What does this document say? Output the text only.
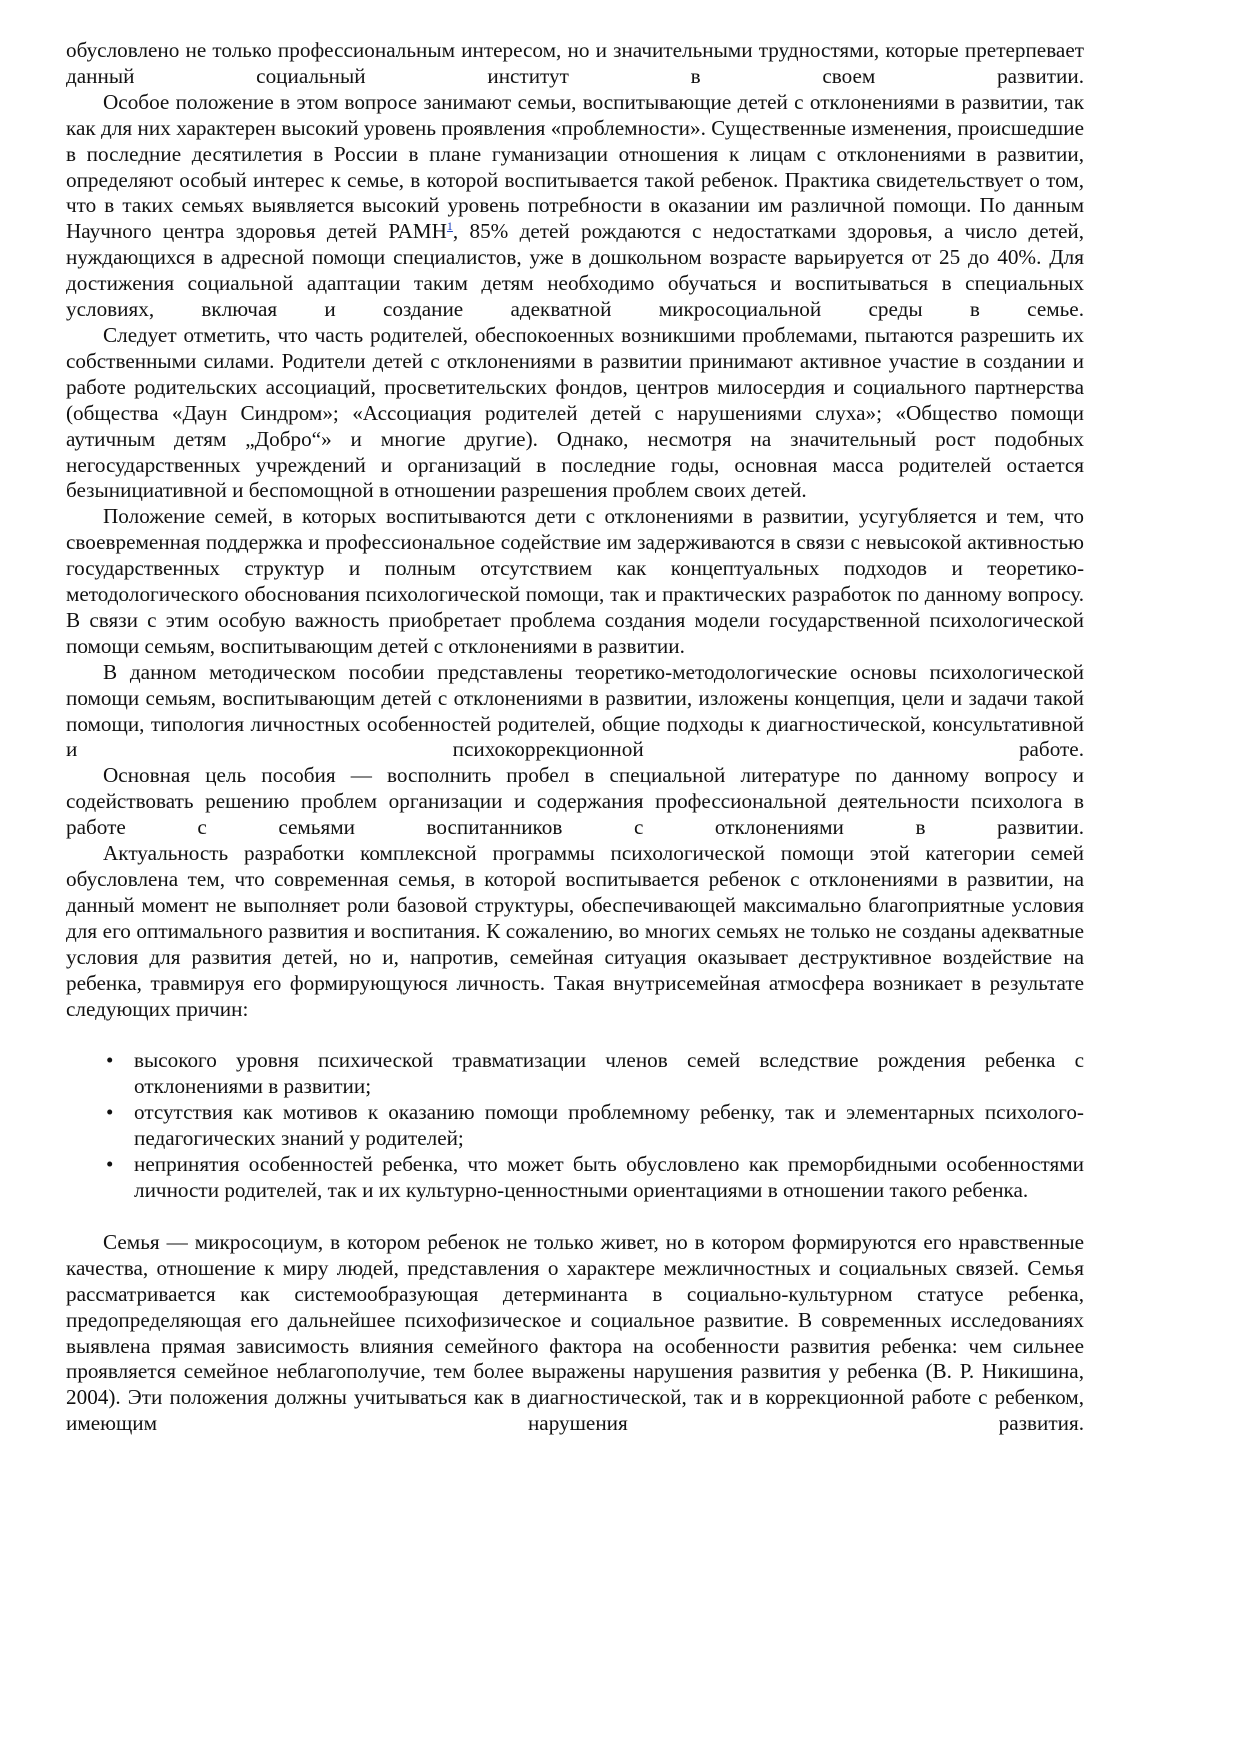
обусловлено не только профессиональным интересом, но и значительными трудностями, которые претерпевает данный социальный институт в своем развитии.

Особое положение в этом вопросе занимают семьи, воспитывающие детей с отклонениями в развитии, так как для них характерен высокий уровень проявления «проблемности». Существенные изменения, происшедшие в последние десятилетия в России в плане гуманизации отношения к лицам с отклонениями в развитии, определяют особый интерес к семье, в которой воспитывается такой ребенок. Практика свидетельствует о том, что в таких семьях выявляется высокий уровень потребности в оказании им различной помощи. По данным Научного центра здоровья детей РАМН$^1$, 85% детей рождаются с недостатками здоровья, а число детей, нуждающихся в адресной помощи специалистов, уже в дошкольном возрасте варьируется от 25 до 40%. Для достижения социальной адаптации таким детям необходимо обучаться и воспитываться в специальных условиях, включая и создание адекватной микросоциальной среды в семье.

Следует отметить, что часть родителей, обеспокоенных возникшими проблемами, пытаются разрешить их собственными силами. Родители детей с отклонениями в развитии принимают активное участие в создании и работе родительских ассоциаций, просветительских фондов, центров милосердия и социального партнерства (общества «Даун Синдром»; «Ассоциация родителей детей с нарушениями слуха»; «Общество помощи аутичным детям „Добро“» и многие другие). Однако, несмотря на значительный рост подобных негосударственных учреждений и организаций в последние годы, основная масса родителей остается безынициативной и беспомощной в отношении разрешения проблем своих детей.

Положение семей, в которых воспитываются дети с отклонениями в развитии, усугубляется и тем, что своевременная поддержка и профессиональное содействие им задерживаются в связи с невысокой активностью государственных структур и полным отсутствием как концептуальных подходов и теоретико-методологического обоснования психологической помощи, так и практических разработок по данному вопросу. В связи с этим особую важность приобретает проблема создания модели государственной психологической помощи семьям, воспитывающим детей с отклонениями в развитии.

В данном методическом пособии представлены теоретико-методологические основы психологической помощи семьям, воспитывающим детей с отклонениями в развитии, изложены концепция, цели и задачи такой помощи, типология личностных особенностей родителей, общие подходы к диагностической, консультативной и психокоррекционной работе.

Основная цель пособия — восполнить пробел в специальной литературе по данному вопросу и содействовать решению проблем организации и содержания профессиональной деятельности психолога в работе с семьями воспитанников с отклонениями в развитии.

Актуальность разработки комплексной программы психологической помощи этой категории семей обусловлена тем, что современная семья, в которой воспитывается ребенок с отклонениями в развитии, на данный момент не выполняет роли базовой структуры, обеспечивающей максимально благоприятные условия для его оптимального развития и воспитания. К сожалению, во многих семьях не только не созданы адекватные условия для развития детей, но и, напротив, семейная ситуация оказывает деструктивное воздействие на ребенка, травмируя его формирующуюся личность. Такая внутрисемейная атмосфера возникает в результате следующих причин:

• высокого уровня психической травматизации членов семей вследствие рождения ребенка с отклонениями в развитии;
• отсутствия как мотивов к оказанию помощи проблемному ребенку, так и элементарных психолого-педагогических знаний у родителей;
• непринятия особенностей ребенка, что может быть обусловлено как преморбидными особенностями личности родителей, так и их культурно-ценностными ориентациями в отношении такого ребенка.

Семья — микросоциум, в котором ребенок не только живет, но в котором формируются его нравственные качества, отношение к миру людей, представления о характере межличностных и социальных связей. Семья рассматривается как системообразующая детерминанта в социально-культурном статусе ребенка, предопределяющая его дальнейшее психофизическое и социальное развитие. В современных исследованиях выявлена прямая зависимость влияния семейного фактора на особенности развития ребенка: чем сильнее проявляется семейное неблагополучие, тем более выражены нарушения развития у ребенка (В. Р. Никишина, 2004). Эти положения должны учитываться как в диагностической, так и в коррекционной работе с ребенком, имеющим нарушения развития.
